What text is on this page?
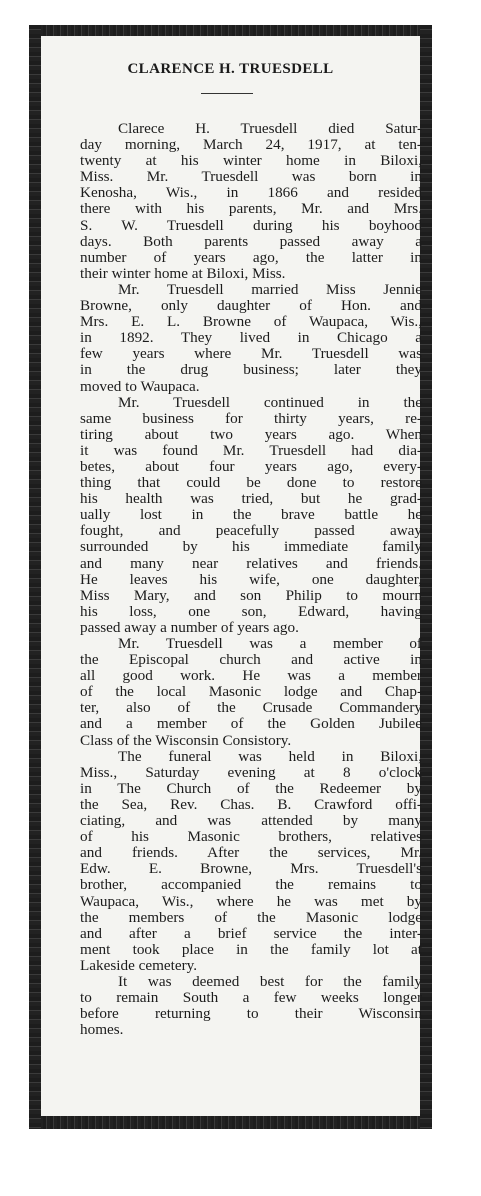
CLARENCE H. TRUESDELL
Clarece H. Truesdell died Satur-
day morning, March 24, 1917, at ten-
twenty at his winter home in Biloxi,
Miss. Mr. Truesdell was born in
Kenosha, Wis., in 1866 and resided
there with his parents, Mr. and Mrs.
S. W. Truesdell during his boyhood
days. Both parents passed away a
number of years ago, the latter in
their winter home at Biloxi, Miss.
Mr. Truesdell married Miss Jennie
Browne, only daughter of Hon. and
Mrs. E. L. Browne of Waupaca, Wis.,
in 1892. They lived in Chicago a
few years where Mr. Truesdell was
in the drug business; later they
moved to Waupaca.
Mr. Truesdell continued in the
same business for thirty years, re-
tiring about two years ago. When
it was found Mr. Truesdell had dia-
betes, about four years ago, every-
thing that could be done to restore
his health was tried, but he grad-
ually lost in the brave battle he
fought, and peacefully passed away
surrounded by his immediate family
and many near relatives and friends.
He leaves his wife, one daughter,
Miss Mary, and son Philip to mourn
his loss, one son, Edward, having
passed away a number of years ago.
Mr. Truesdell was a member of
the Episcopal church and active in
all good work. He was a member
of the local Masonic lodge and Chap-
ter, also of the Crusade Commandery
and a member of the Golden Jubilee
Class of the Wisconsin Consistory.
The funeral was held in Biloxi,
Miss., Saturday evening at 8 o'clock
in The Church of the Redeemer by
the Sea, Rev. Chas. B. Crawford offi-
ciating, and was attended by many
of his Masonic brothers, relatives
and friends. After the services, Mr.
Edw. E. Browne, Mrs. Truesdell's
brother, accompanied the remains to
Waupaca, Wis., where he was met by
the members of the Masonic lodge
and after a brief service the inter-
ment took place in the family lot at
Lakeside cemetery.
It was deemed best for the family
to remain South a few weeks longer
before returning to their Wisconsin
homes.
